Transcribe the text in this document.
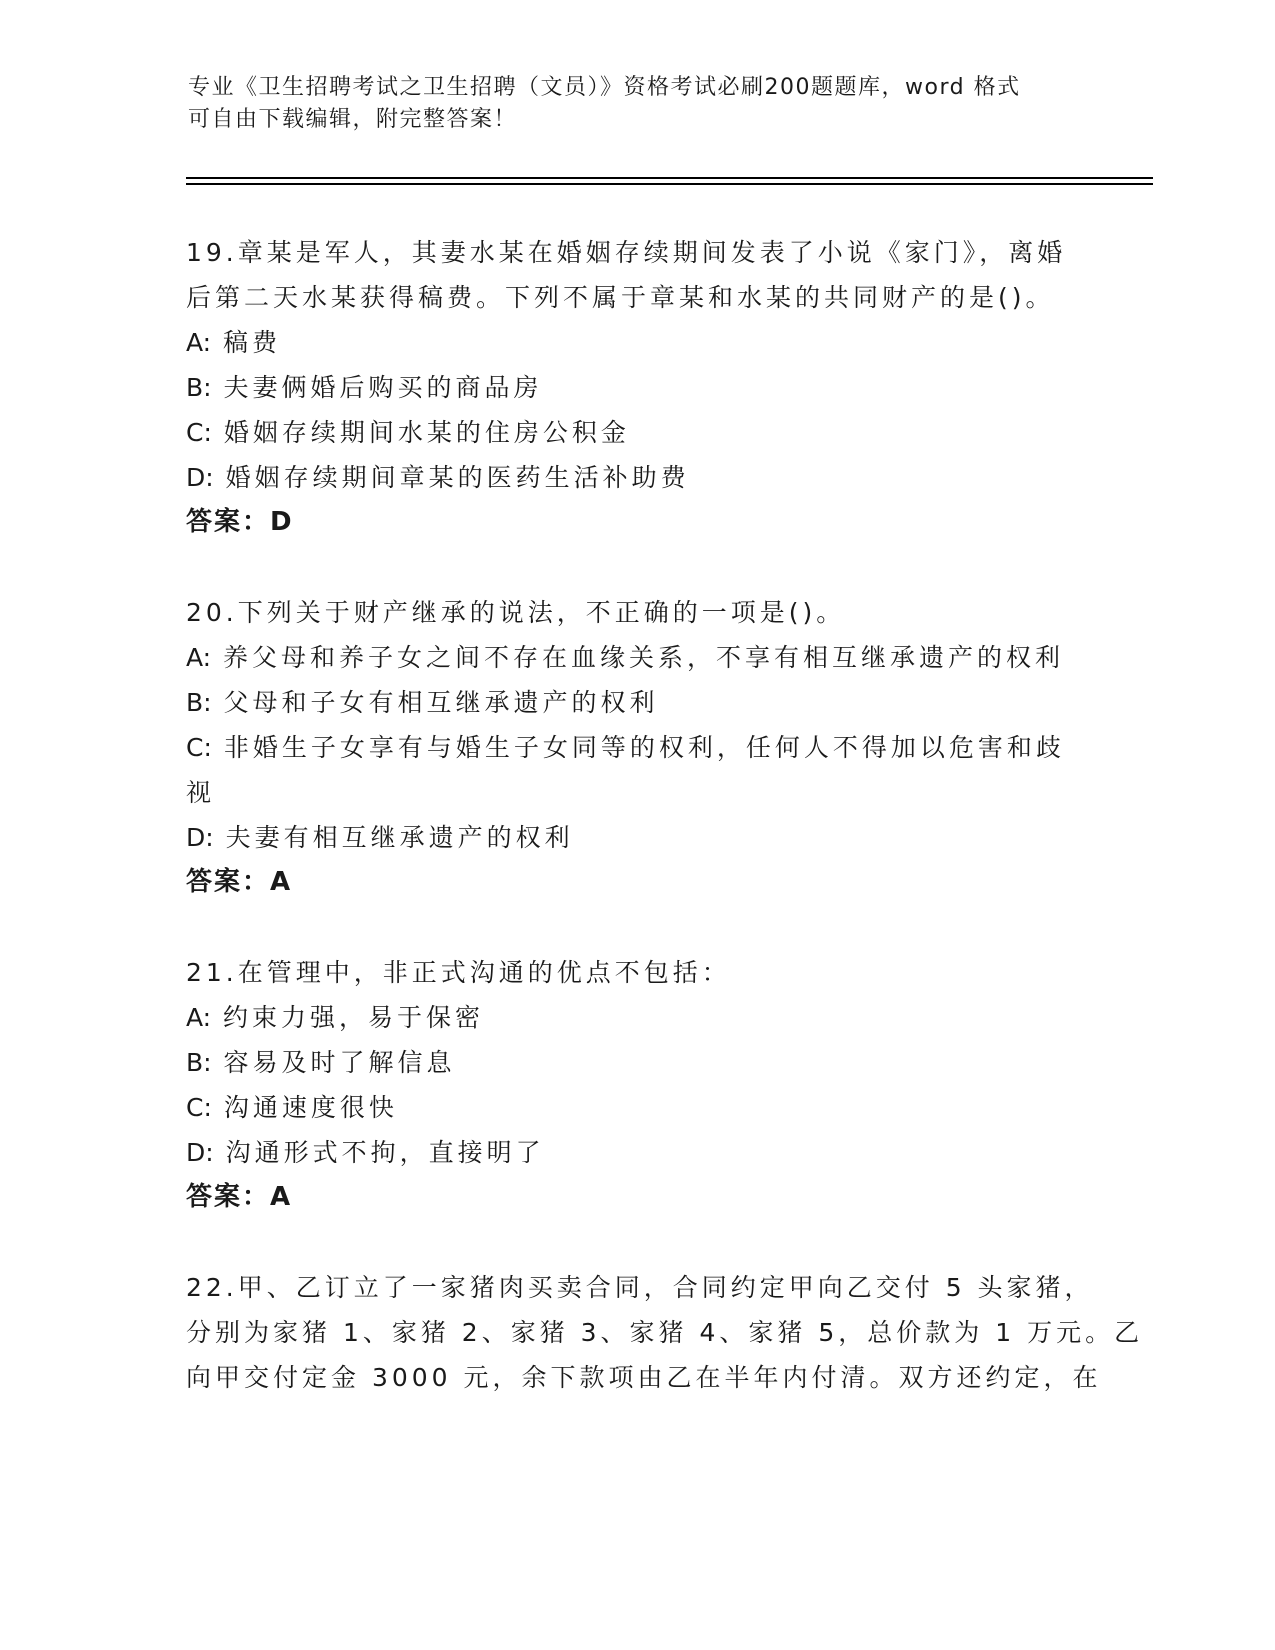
专业《卫生招聘考试之卫生招聘（文员）》资格考试必刷200题题库，word 格式
可自由下载编辑，附完整答案！
19.章某是军人，其妻水某在婚姻存续期间发表了小说《家门》，离婚
后第二天水某获得稿费。下列不属于章某和水某的共同财产的是()。
A: 稿费
B: 夫妻俩婚后购买的商品房
C: 婚姻存续期间水某的住房公积金
D: 婚姻存续期间章某的医药生活补助费
答案：D
20.下列关于财产继承的说法，不正确的一项是()。
A: 养父母和养子女之间不存在血缘关系，不享有相互继承遗产的权利
B: 父母和子女有相互继承遗产的权利
C: 非婚生子女享有与婚生子女同等的权利，任何人不得加以危害和歧
视
D: 夫妻有相互继承遗产的权利
答案：A
21.在管理中，非正式沟通的优点不包括：
A: 约束力强，易于保密
B: 容易及时了解信息
C: 沟通速度很快
D: 沟通形式不拘，直接明了
答案：A
22.甲、乙订立了一家猪肉买卖合同，合同约定甲向乙交付 5 头家猪，
分别为家猪 1、家猪 2、家猪 3、家猪 4、家猪 5，总价款为 1 万元。乙
向甲交付定金 3000 元，余下款项由乙在半年内付清。双方还约定，在
